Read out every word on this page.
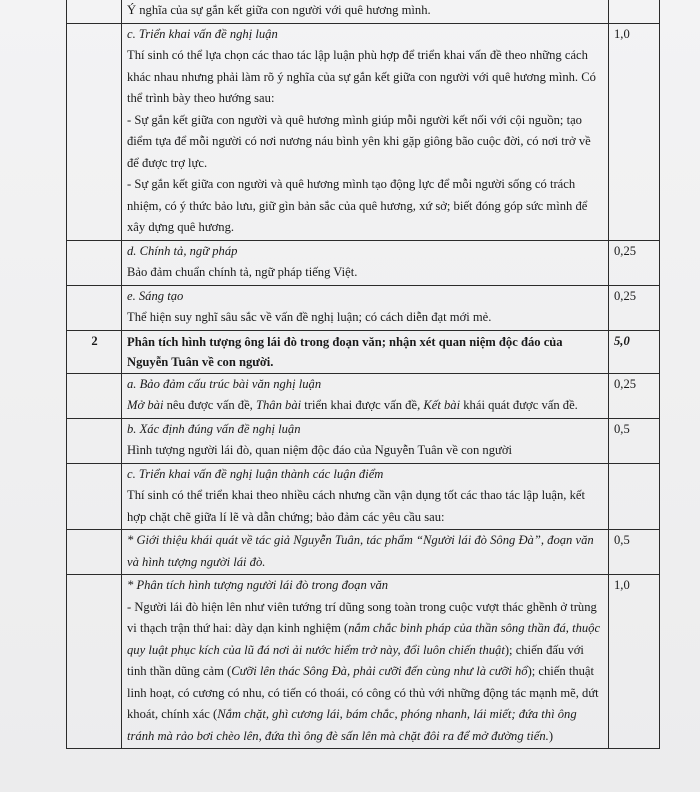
	Ý nghĩa của sự gắn kết giữa con người với quê hương mình.	

	c. Triển khai vấn đề nghị luận
Thí sinh có thể lựa chọn các thao tác lập luận phù hợp để triển khai vấn đề theo những cách khác nhau nhưng phải làm rõ ý nghĩa của sự gắn kết giữa con người với quê hương mình. Có thể trình bày theo hướng sau:
- Sự gắn kết giữa con người và quê hương mình giúp mỗi người kết nối với cội nguồn; tạo điểm tựa để mỗi người có nơi nương náu bình yên khi gặp giông bão cuộc đời, có nơi trở về để được trợ lực.
- Sự gắn kết giữa con người và quê hương mình tạo động lực để mỗi người sống có trách nhiệm, có ý thức bảo lưu, giữ gìn bản sắc của quê hương, xứ sở; biết đóng góp sức mình để xây dựng quê hương.	1,0

	d. Chính tả, ngữ pháp
Bảo đảm chuẩn chính tả, ngữ pháp tiếng Việt.	0,25

	e. Sáng tạo
Thể hiện suy nghĩ sâu sắc về vấn đề nghị luận; có cách diễn đạt mới mẻ.	0,25
2	Phân tích hình tượng ông lái đò trong đoạn văn; nhận xét quan niệm độc đáo của Nguyễn Tuân về con người.	5,0

	a. Bảo đảm cấu trúc bài văn nghị luận
Mở bài nêu được vấn đề, Thân bài triển khai được vấn đề, Kết bài khái quát được vấn đề.	0,25

	b. Xác định đúng vấn đề nghị luận
Hình tượng người lái đò, quan niệm độc đáo của Nguyễn Tuân về con người	0,5

	c. Triển khai vấn đề nghị luận thành các luận điểm
Thí sinh có thể triển khai theo nhiều cách nhưng cần vận dụng tốt các thao tác lập luận, kết hợp chặt chẽ giữa lí lẽ và dẫn chứng; bảo đảm các yêu cầu sau:	

	* Giới thiệu khái quát về tác giả Nguyễn Tuân, tác phẩm “Người lái đò Sông Đà”, đoạn văn và hình tượng người lái đò.	0,5

	* Phân tích hình tượng người lái đò trong đoạn văn
- Người lái đò hiện lên như viên tướng trí dũng song toàn trong cuộc vượt thác ghềnh ở trùng vi thạch trận thứ hai: dày dạn kinh nghiệm (nắm chắc binh pháp của thần sông thần đá, thuộc quy luật phục kích của lũ đá nơi ải nước hiểm trở này, đổi luôn chiến thuật); chiến đấu với tinh thần dũng cảm (Cưỡi lên thác Sông Đà, phải cưỡi đến cùng như là cưỡi hổ); chiến thuật linh hoạt, có cương có nhu, có tiến có thoái, có công có thủ với những động tác mạnh mẽ, dứt khoát, chính xác (Nắm chặt, ghì cương lái, bám chắc, phóng nhanh, lái miết; đứa thì ông tránh mà rảo bơi chèo lên, đứa thì ông đè sấn lên mà chặt đôi ra để mở đường tiến.)	1,0
